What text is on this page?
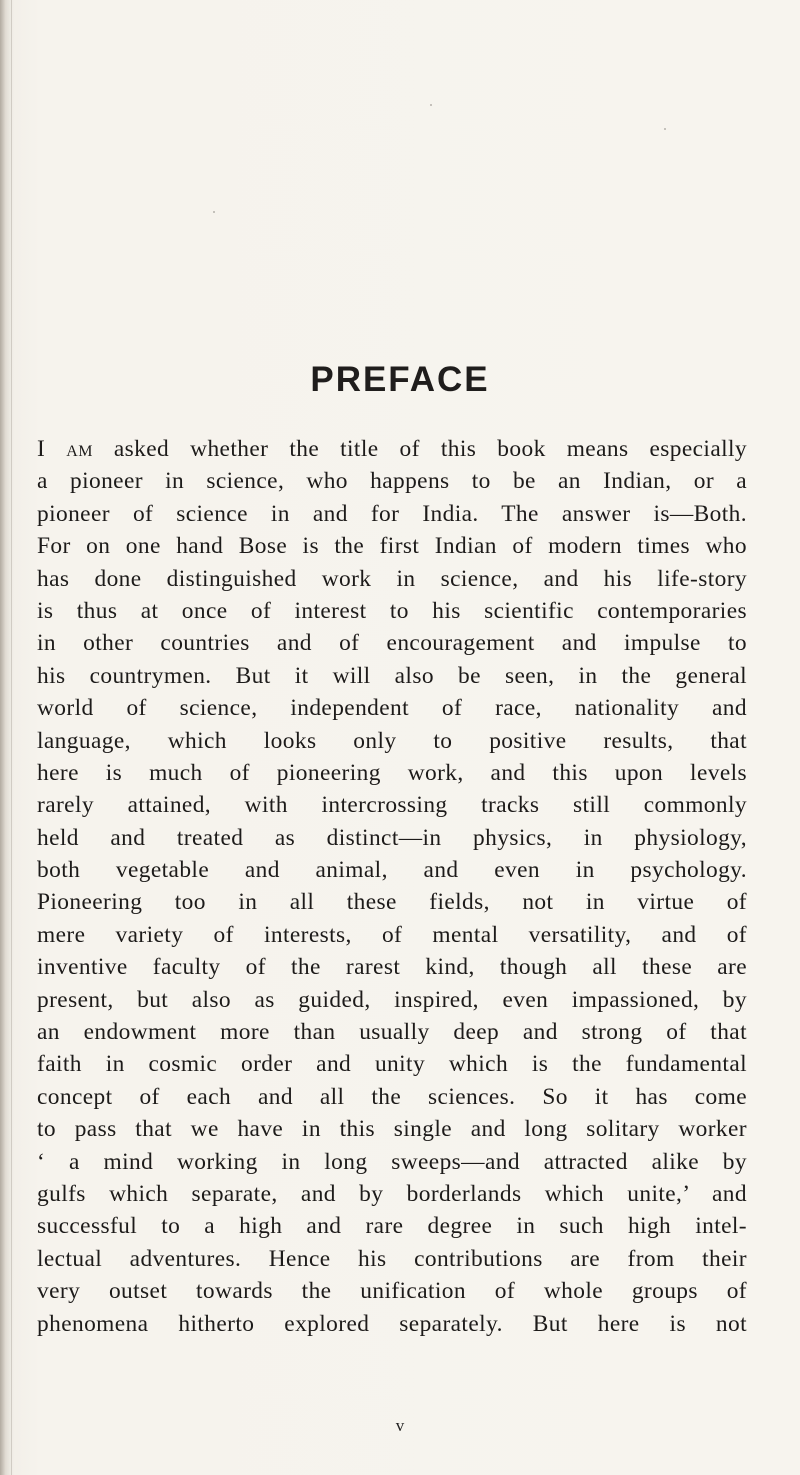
PREFACE
I am asked whether the title of this book means especially
a pioneer in science, who happens to be an Indian, or a
pioneer of science in and for India. The answer is—Both.
For on one hand Bose is the first Indian of modern times who
has done distinguished work in science, and his life-story
is thus at once of interest to his scientific contemporaries
in other countries and of encouragement and impulse to
his countrymen. But it will also be seen, in the general
world of science, independent of race, nationality and
language, which looks only to positive results, that
here is much of pioneering work, and this upon levels
rarely attained, with intercrossing tracks still commonly
held and treated as distinct—in physics, in physiology,
both vegetable and animal, and even in psychology.
Pioneering too in all these fields, not in virtue of
mere variety of interests, of mental versatility, and of
inventive faculty of the rarest kind, though all these are
present, but also as guided, inspired, even impassioned, by
an endowment more than usually deep and strong of that
faith in cosmic order and unity which is the fundamental
concept of each and all the sciences. So it has come
to pass that we have in this single and long solitary worker
‘ a mind working in long sweeps—and attracted alike by
gulfs which separate, and by borderlands which unite,’ and
successful to a high and rare degree in such high intel-
lectual adventures. Hence his contributions are from their
very outset towards the unification of whole groups of
phenomena hitherto explored separately. But here is not
v
